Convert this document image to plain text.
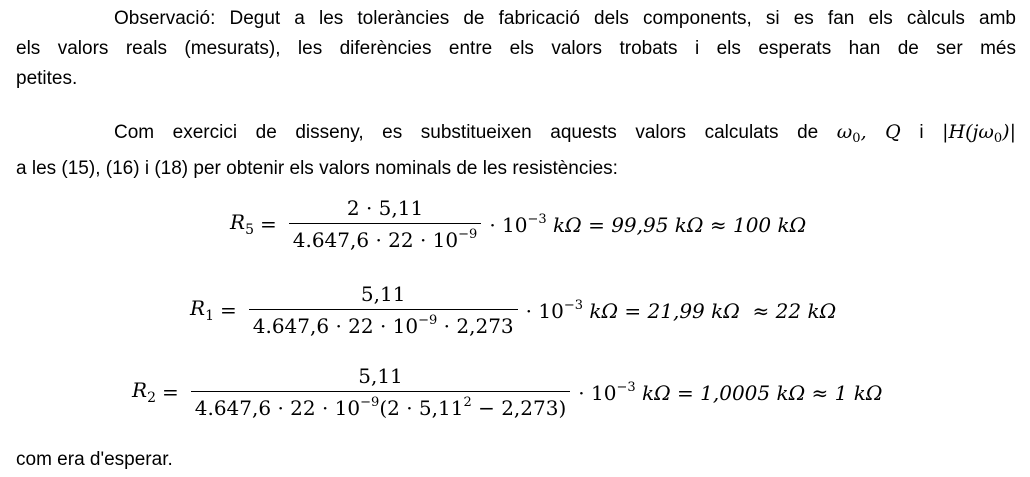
Observació: Degut a les toleràncies de fabricació dels components, si es fan els càlculs amb
els valors reals (mesurats), les diferències entre els valors trobats i els esperats han de ser més
petites.
Com exercici de disseny, es substitueixen aquests valors calculats de $\omega_0$, Q i $|H(j\omega_0)|$
a les (15), (16) i (18) per obtenir els valors nominals de les resistències:
$R_5 = \frac{2 \cdot 5,11}{4.647,6 \cdot 22 \cdot 10^{-9}} \cdot 10^{-3}$ kΩ = 99,95 kΩ ≈ 100 kΩ
$R_1 = \frac{5,11}{4.647,6 \cdot 22 \cdot 10^{-9} \cdot 2,273} \cdot 10^{-3}$ kΩ = 21,99 kΩ  ≈ 22 kΩ
$R_2 = \frac{5,11}{4.647,6 \cdot 22 \cdot 10^{-9}(2 \cdot 5,11^2 - 2,273)} \cdot 10^{-3}$ kΩ = 1,0005 kΩ ≈ 1 kΩ
com era d'esperar.
